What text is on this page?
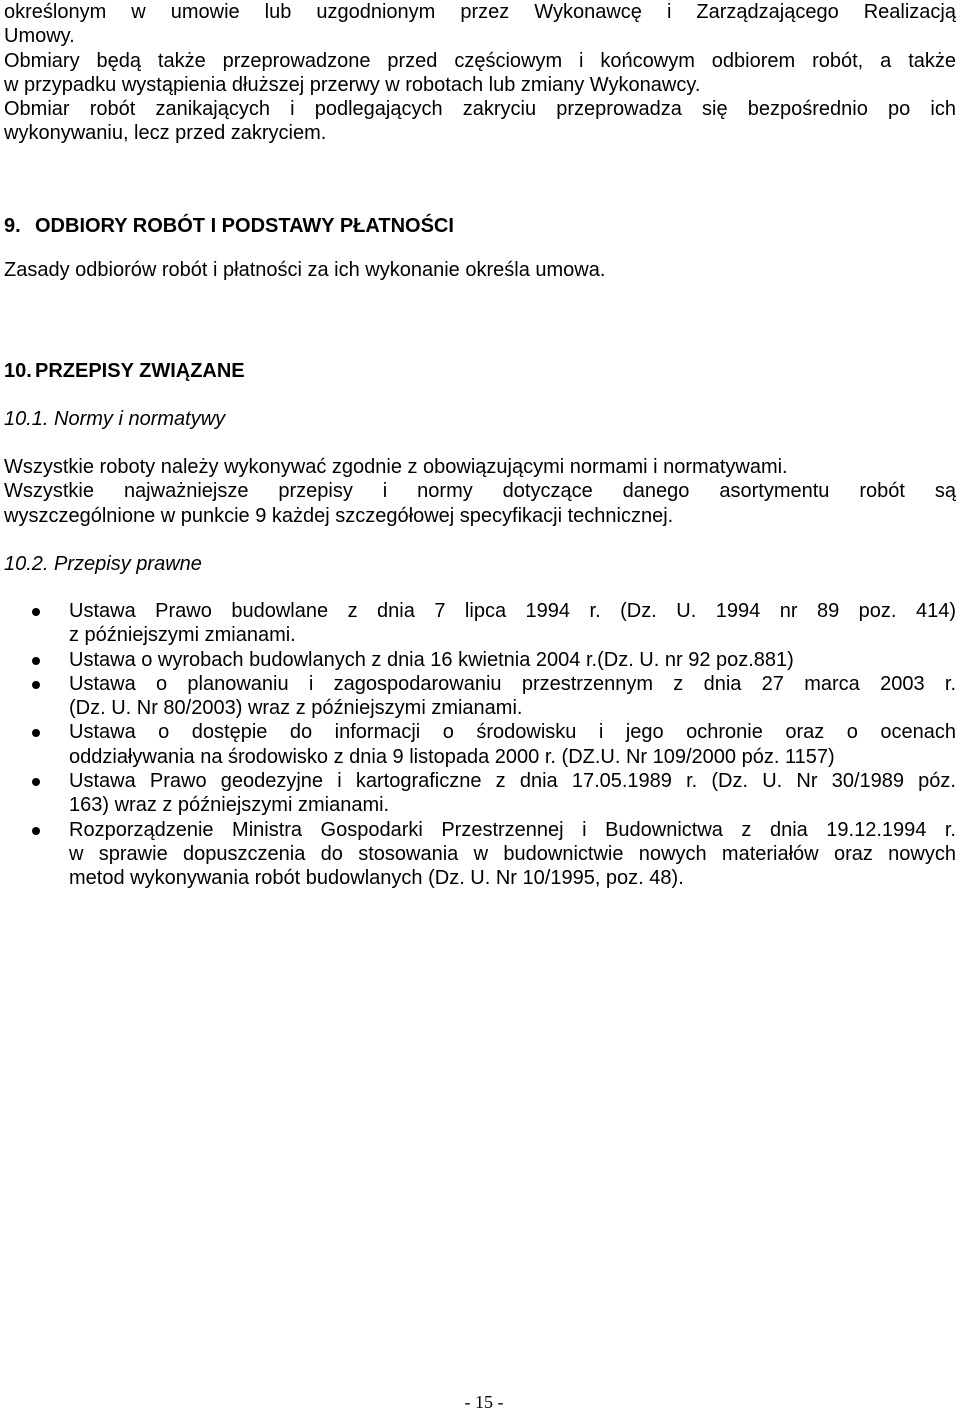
określonym w umowie lub uzgodnionym przez Wykonawcę i Zarządzającego Realizacją

Umowy.

Obmiary będą także przeprowadzone przed częściowym i końcowym odbiorem robót, a także

w przypadku wystąpienia dłuższej przerwy w robotach lub zmiany Wykonawcy.

Obmiar robót zanikających i podlegających zakryciu przeprowadza się bezpośrednio po ich

wykonywaniu, lecz przed zakryciem.

9. ODBIORY ROBÓT I PODSTAWY PŁATNOŚCI

Zasady odbiorów robót i płatności za ich wykonanie określa umowa.

10. PRZEPISY ZWIĄZANE

10.1. Normy i normatywy

Wszystkie roboty należy wykonywać zgodnie z obowiązującymi normami i normatywami.

Wszystkie najważniejsze przepisy i normy dotyczące danego asortymentu robót są

wyszczególnione w punkcie 9 każdej szczegółowej specyfikacji technicznej.

10.2. Przepisy prawne

Ustawa Prawo budowlane z dnia 7 lipca 1994 r. (Dz. U. 1994 nr 89 poz. 414)
z późniejszymi zmianami.
Ustawa o wyrobach budowlanych z dnia 16 kwietnia 2004 r.(Dz. U. nr 92 poz.881)
Ustawa o planowaniu i zagospodarowaniu przestrzennym z dnia 27 marca 2003 r.
(Dz. U. Nr 80/2003) wraz z późniejszymi zmianami.
Ustawa o dostępie do informacji o środowisku i jego ochronie oraz o ocenach
oddziaływania na środowisko z dnia 9 listopada 2000 r. (DZ.U. Nr 109/2000 póz. 1157)
Ustawa Prawo geodezyjne i kartograficzne z dnia 17.05.1989 r. (Dz. U. Nr 30/1989 póz.
163) wraz z późniejszymi zmianami.
Rozporządzenie Ministra Gospodarki Przestrzennej i Budownictwa z dnia 19.12.1994 r.
w sprawie dopuszczenia do stosowania w budownictwie nowych materiałów oraz nowych
metod wykonywania robót budowlanych (Dz. U. Nr 10/1995, poz. 48).
- 15 -
